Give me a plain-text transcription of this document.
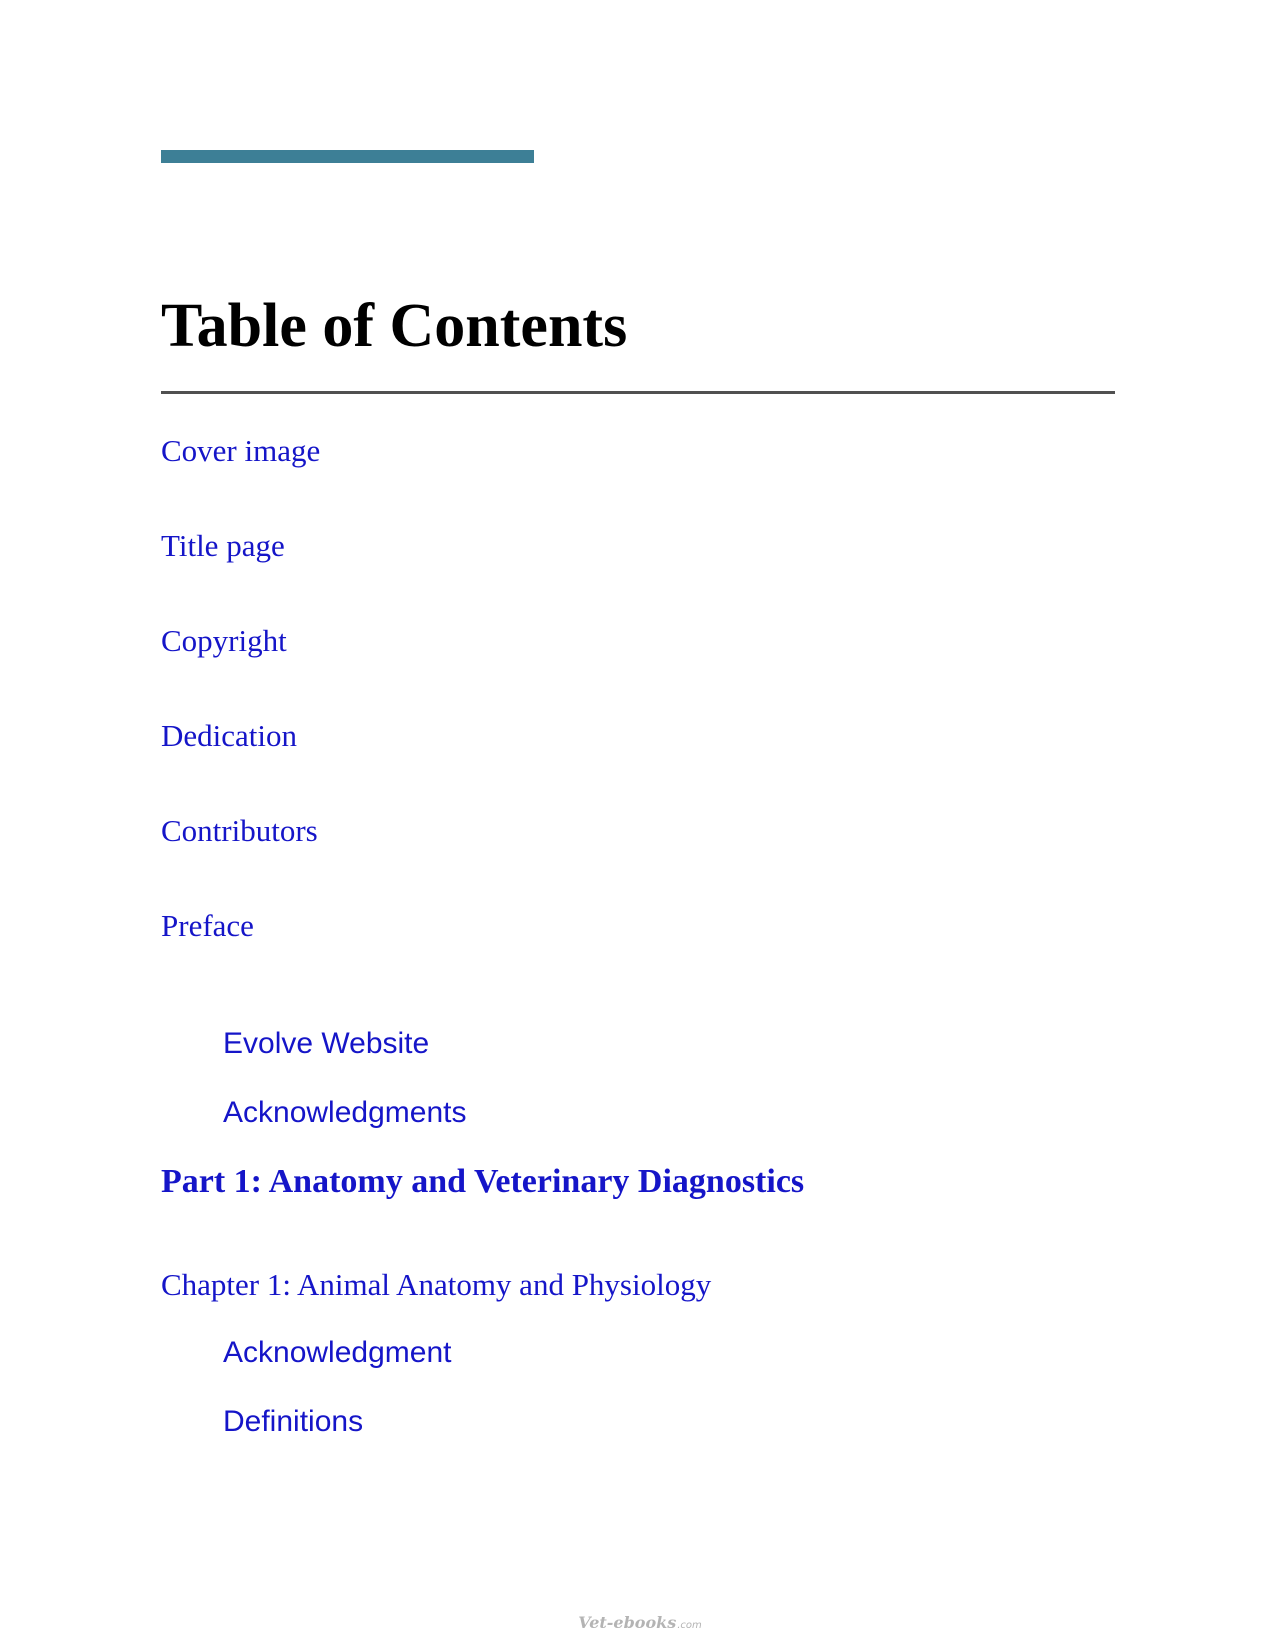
Table of Contents
Cover image
Title page
Copyright
Dedication
Contributors
Preface
Evolve Website
Acknowledgments
Part 1: Anatomy and Veterinary Diagnostics
Chapter 1: Animal Anatomy and Physiology
Acknowledgment
Definitions
Vet-ebooks .com
